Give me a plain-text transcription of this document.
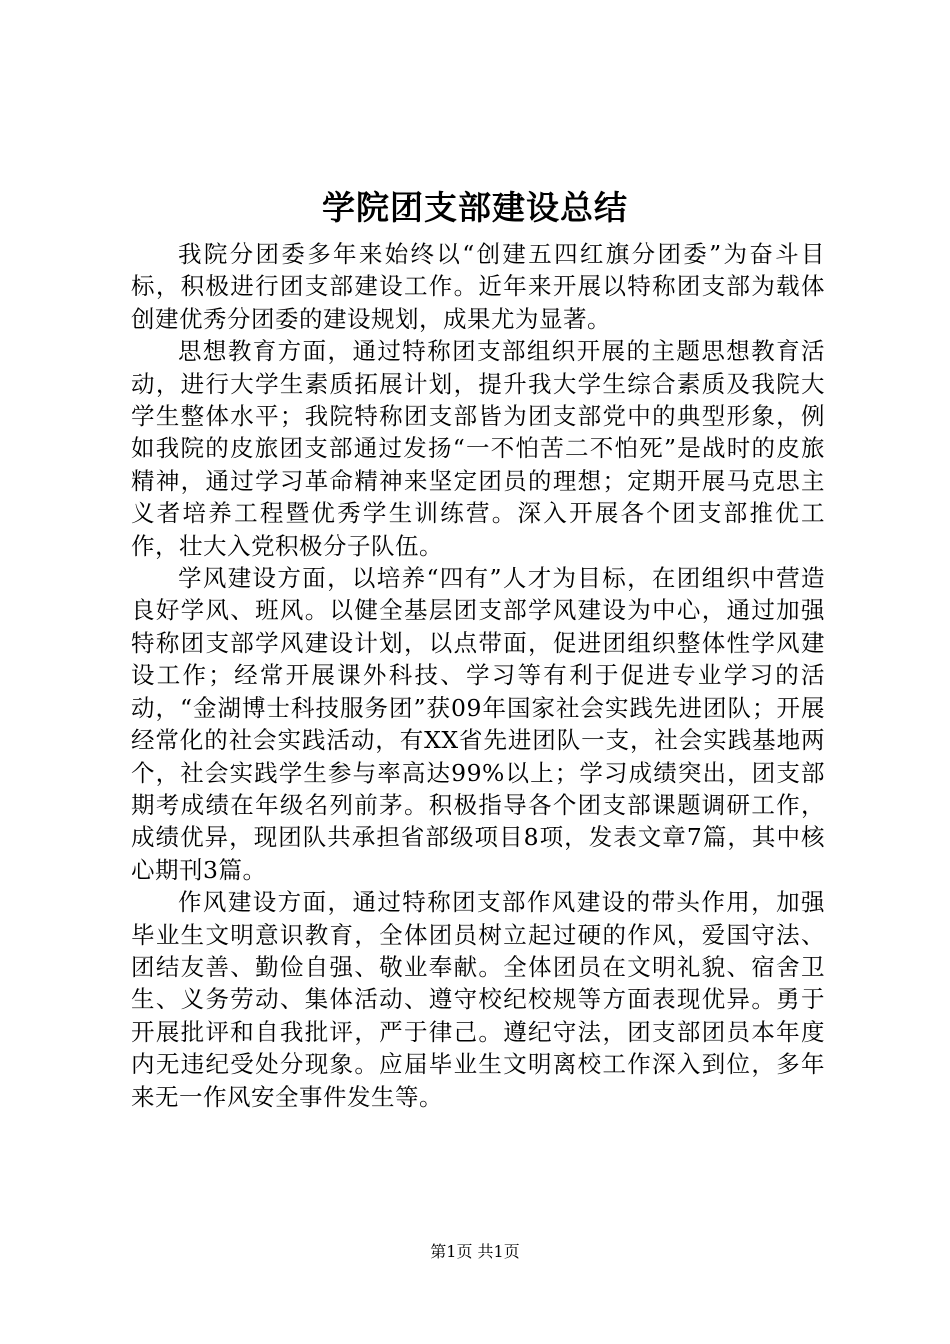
学院团支部建设总结

我院分团委多年来始终以“创建五四红旗分团委”为奋斗目标，积极进行团支部建设工作。近年来开展以特称团支部为载体创建优秀分团委的建设规划，成果尤为显著。

思想教育方面，通过特称团支部组织开展的主题思想教育活动，进行大学生素质拓展计划，提升我大学生综合素质及我院大学生整体水平；我院特称团支部皆为团支部党中的典型形象，例如我院的皮旅团支部通过发扬“一不怕苦二不怕死”是战时的皮旅精神，通过学习革命精神来坚定团员的理想；定期开展马克思主义者培养工程暨优秀学生训练营。深入开展各个团支部推优工作，壮大入党积极分子队伍。

学风建设方面，以培养“四有”人才为目标，在团组织中营造良好学风、班风。以健全基层团支部学风建设为中心，通过加强特称团支部学风建设计划，以点带面，促进团组织整体性学风建设工作；经常开展课外科技、学习等有利于促进专业学习的活动，“金湖博士科技服务团”获09年国家社会实践先进团队；开展经常化的社会实践活动，有XX省先进团队一支，社会实践基地两个，社会实践学生参与率高达99%以上；学习成绩突出，团支部期考成绩在年级名列前茅。积极指导各个团支部课题调研工作，成绩优异，现团队共承担省部级项目8项，发表文章7篇，其中核心期刊3篇。

作风建设方面，通过特称团支部作风建设的带头作用，加强毕业生文明意识教育，全体团员树立起过硬的作风，爱国守法、团结友善、勤俭自强、敬业奉献。全体团员在文明礼貌、宿舍卫生、义务劳动、集体活动、遵守校纪校规等方面表现优异。勇于开展批评和自我批评，严于律己。遵纪守法，团支部团员本年度内无违纪受处分现象。应届毕业生文明离校工作深入到位，多年来无一作风安全事件发生等。

第1页 共1页
